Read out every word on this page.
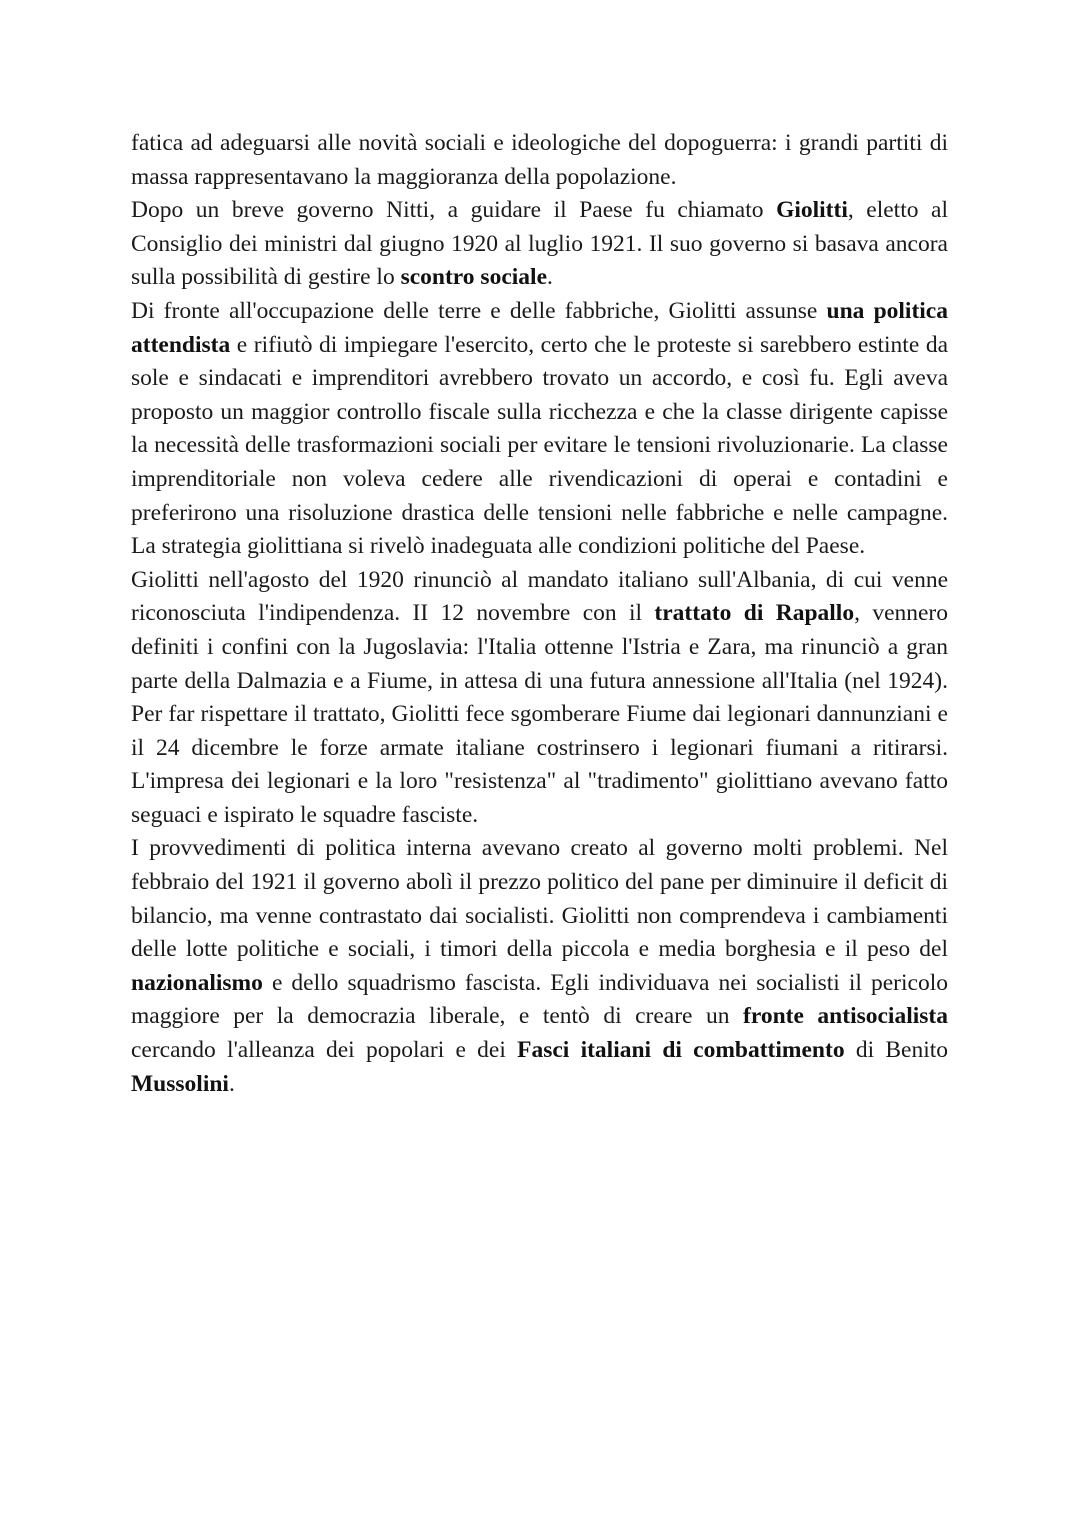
fatica ad adeguarsi alle novità sociali e ideologiche del dopoguerra: i grandi partiti di massa rappresentavano la maggioranza della popolazione.

Dopo un breve governo Nitti, a guidare il Paese fu chiamato Giolitti, eletto al Consiglio dei ministri dal giugno 1920 al luglio 1921. Il suo governo si basava ancora sulla possibilità di gestire lo scontro sociale.

Di fronte all'occupazione delle terre e delle fabbriche, Giolitti assunse una politica attendista e rifiutò di impiegare l'esercito, certo che le proteste si sarebbero estinte da sole e sindacati e imprenditori avrebbero trovato un accordo, e così fu. Egli aveva proposto un maggior controllo fiscale sulla ricchezza e che la classe dirigente capisse la necessità delle trasformazioni sociali per evitare le tensioni rivoluzionarie. La classe imprenditoriale non voleva cedere alle rivendicazioni di operai e contadini e preferirono una risoluzione drastica delle tensioni nelle fabbriche e nelle campagne. La strategia giolittiana si rivelò inadeguata alle condizioni politiche del Paese.

Giolitti nell'agosto del 1920 rinunciò al mandato italiano sull'Albania, di cui venne riconosciuta l'indipendenza. II 12 novembre con il trattato di Rapallo, vennero definiti i confini con la Jugoslavia: l'Italia ottenne l'Istria e Zara, ma rinunciò a gran parte della Dalmazia e a Fiume, in attesa di una futura annessione all'Italia (nel 1924). Per far rispettare il trattato, Giolitti fece sgomberare Fiume dai legionari dannunziani e il 24 dicembre le forze armate italiane costrinsero i legionari fiumani a ritirarsi. L'impresa dei legionari e la loro "resistenza" al "tradimento" giolittiano avevano fatto seguaci e ispirato le squadre fasciste.

I provvedimenti di politica interna avevano creato al governo molti problemi. Nel febbraio del 1921 il governo abolì il prezzo politico del pane per diminuire il deficit di bilancio, ma venne contrastato dai socialisti. Giolitti non comprendeva i cambiamenti delle lotte politiche e sociali, i timori della piccola e media borghesia e il peso del nazionalismo e dello squadrismo fascista. Egli individuava nei socialisti il pericolo maggiore per la democrazia liberale, e tentò di creare un fronte antisocialista cercando l'alleanza dei popolari e dei Fasci italiani di combattimento di Benito Mussolini.
